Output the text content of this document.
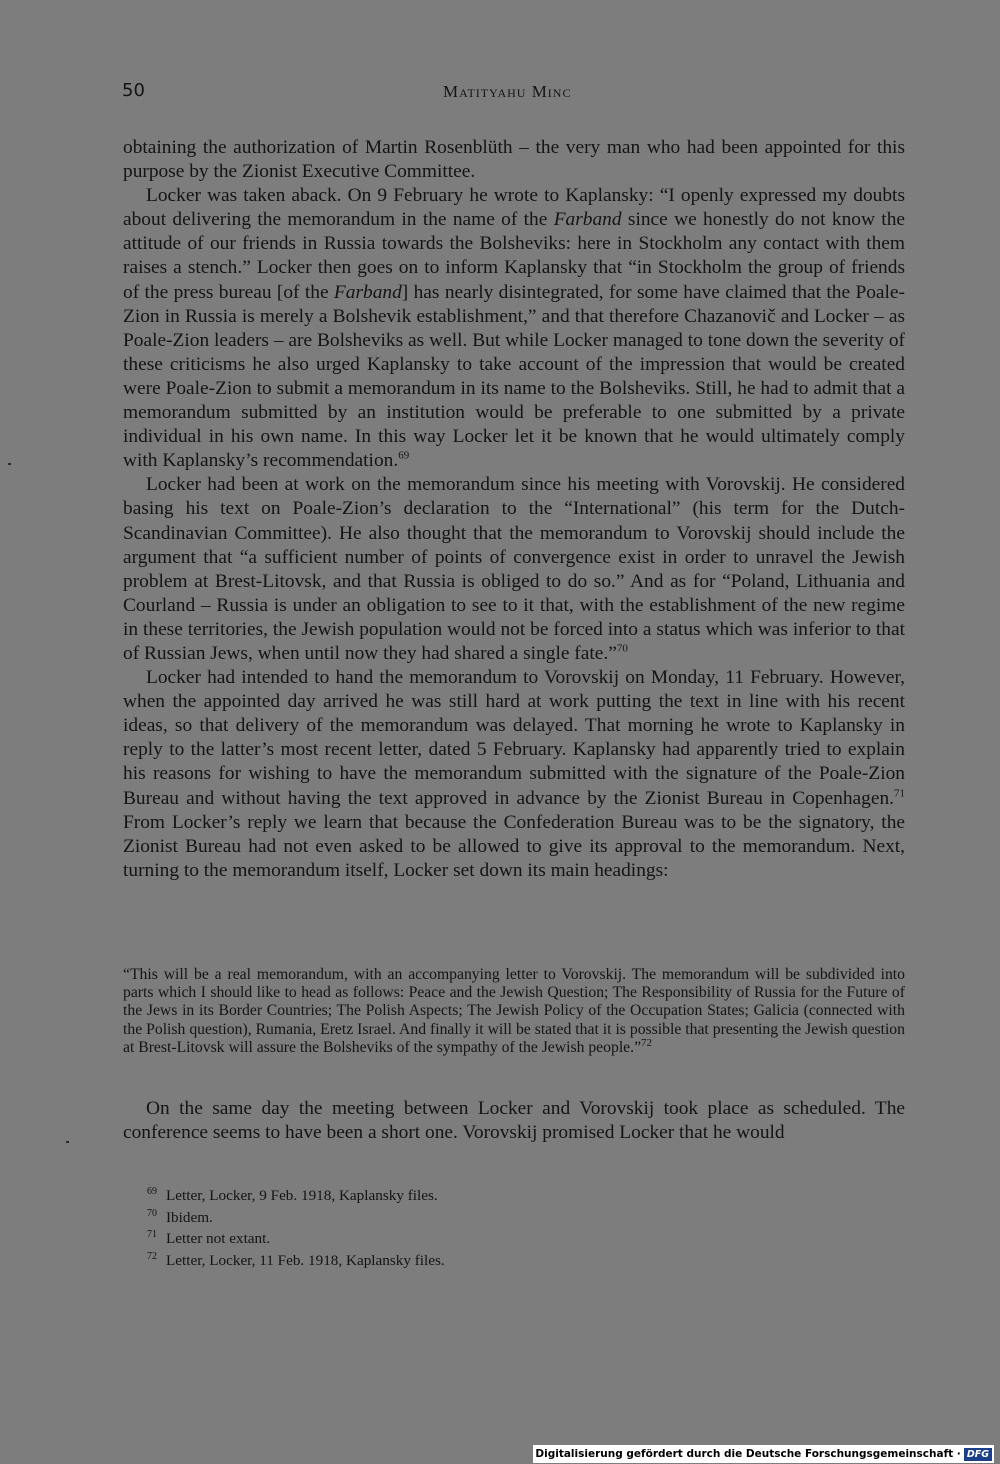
50	Matityahu Minc

obtaining the authorization of Martin Rosenblüth – the very man who had been appointed for this purpose by the Zionist Executive Committee.

Locker was taken aback. On 9 February he wrote to Kaplansky: “I openly expressed my doubts about delivering the memorandum in the name of the Farband since we honestly do not know the attitude of our friends in Russia towards the Bolsheviks: here in Stockholm any contact with them raises a stench.” Locker then goes on to inform Kaplansky that “in Stockholm the group of friends of the press bureau [of the Farband] has nearly disintegrated, for some have claimed that the Poale-Zion in Russia is merely a Bolshevik establishment,” and that therefore Chazanovič and Locker – as Poale-Zion leaders – are Bolsheviks as well. But while Locker managed to tone down the severity of these criticisms he also urged Kaplansky to take account of the impression that would be created were Poale-Zion to submit a memorandum in its name to the Bolsheviks. Still, he had to admit that a memorandum submitted by an institution would be preferable to one submitted by a private individual in his own name. In this way Locker let it be known that he would ultimately comply with Kaplansky’s recommendation.$^{69}$

Locker had been at work on the memorandum since his meeting with Vorovskij. He considered basing his text on Poale-Zion’s declaration to the “International” (his term for the Dutch-Scandinavian Committee). He also thought that the memorandum to Vorovskij should include the argument that “a sufficient number of points of convergence exist in order to unravel the Jewish problem at Brest-Litovsk, and that Russia is obliged to do so.” And as for “Poland, Lithuania and Courland – Russia is under an obligation to see to it that, with the establishment of the new regime in these territories, the Jewish population would not be forced into a status which was inferior to that of Russian Jews, when until now they had shared a single fate.”$^{70}$

Locker had intended to hand the memorandum to Vorovskij on Monday, 11 February. However, when the appointed day arrived he was still hard at work putting the text in line with his recent ideas, so that delivery of the memorandum was delayed. That morning he wrote to Kaplansky in reply to the latter’s most recent letter, dated 5 February. Kaplansky had apparently tried to explain his reasons for wishing to have the memorandum submitted with the signature of the Poale-Zion Bureau and without having the text approved in advance by the Zionist Bureau in Copenhagen.$^{71}$ From Locker’s reply we learn that because the Confederation Bureau was to be the signatory, the Zionist Bureau had not even asked to be allowed to give its approval to the memorandum. Next, turning to the memorandum itself, Locker set down its main headings:

“This will be a real memorandum, with an accompanying letter to Vorovskij. The memorandum will be subdivided into parts which I should like to head as follows: Peace and the Jewish Question; The Responsibility of Russia for the Future of the Jews in its Border Countries; The Polish Aspects; The Jewish Policy of the Occupation States; Galicia (connected with the Polish question), Rumania, Eretz Israel. And finally it will be stated that it is possible that presenting the Jewish question at Brest-Litovsk will assure the Bolsheviks of the sympathy of the Jewish people.”$^{72}$

On the same day the meeting between Locker and Vorovskij took place as scheduled. The conference seems to have been a short one. Vorovskij promised Locker that he would

69 Letter, Locker, 9 Feb. 1918, Kaplansky files.
70 Ibidem.
71 Letter not extant.
72 Letter, Locker, 11 Feb. 1918, Kaplansky files.
Digitalisierung gefördert durch die Deutsche Forschungsgemeinschaft · DFG
